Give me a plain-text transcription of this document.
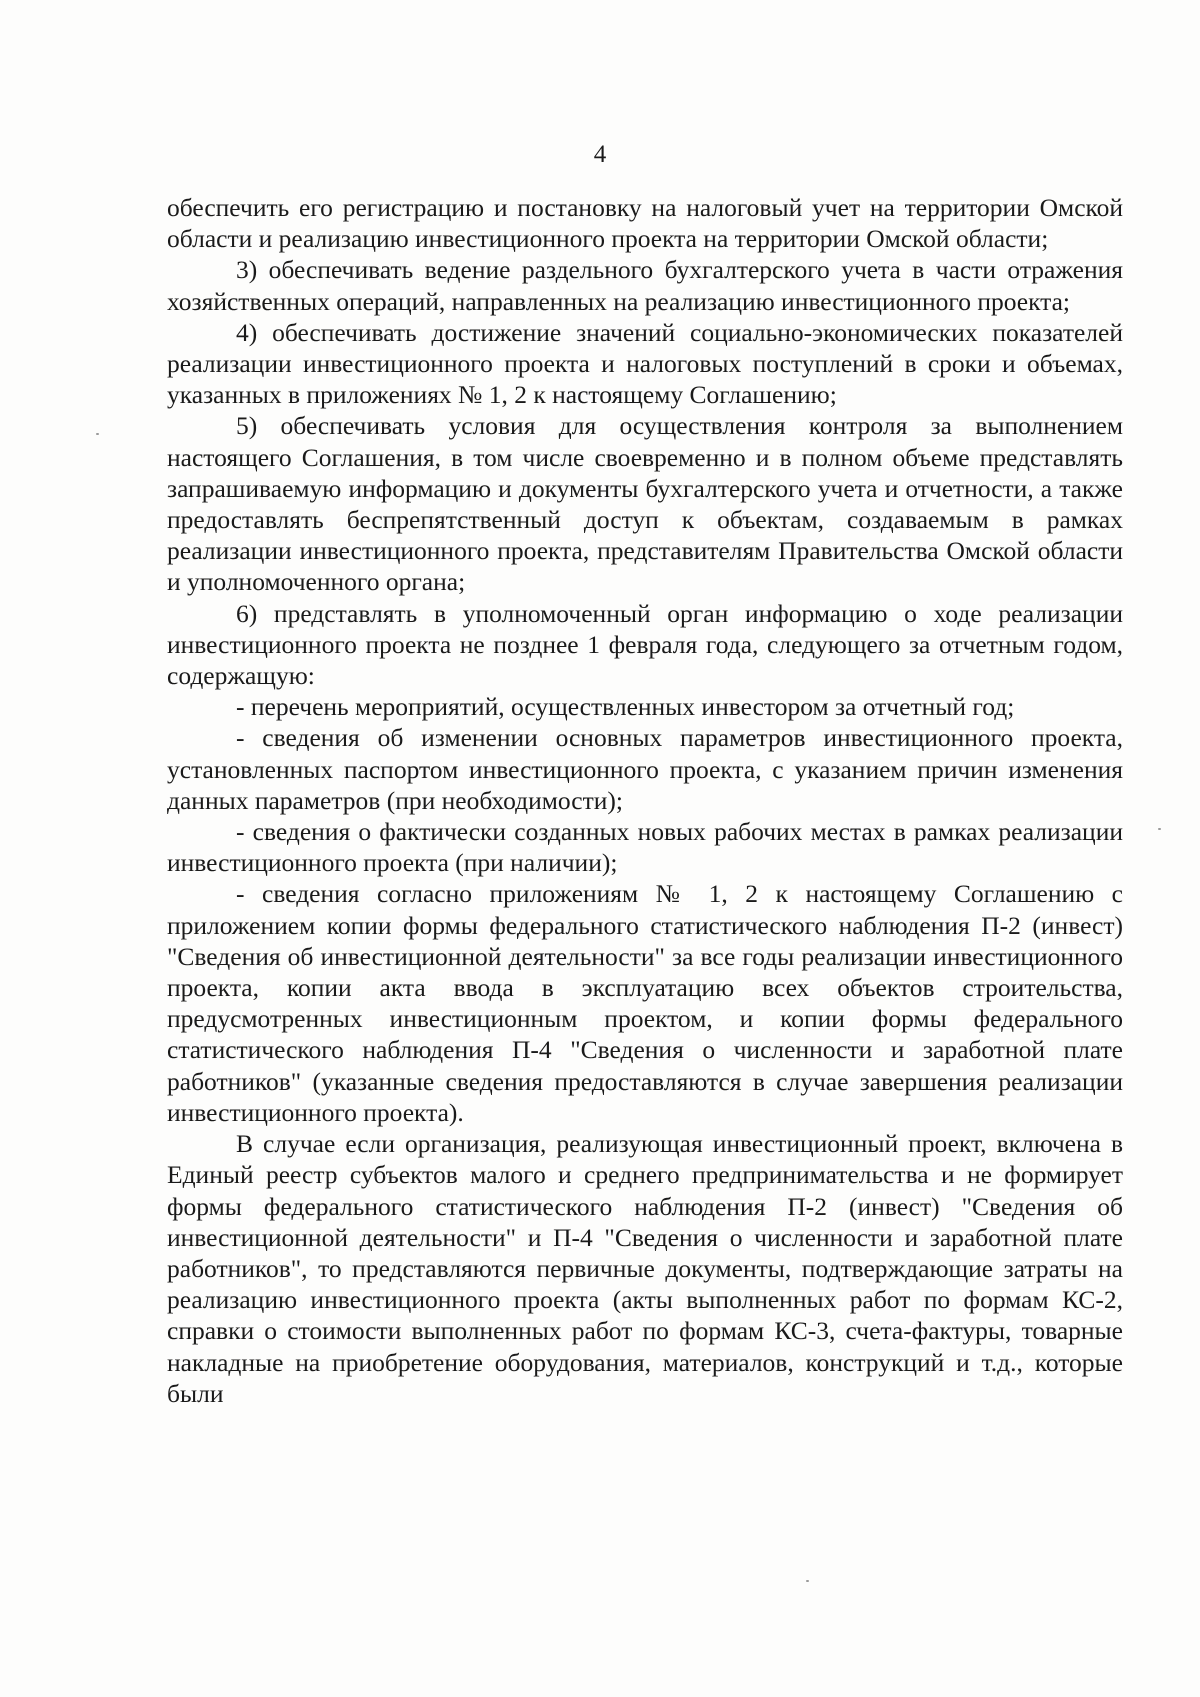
4

обеспечить его регистрацию и постановку на налоговый учет на территории Омской области и реализацию инвестиционного проекта на территории Омской области;

3) обеспечивать ведение раздельного бухгалтерского учета в части отражения хозяйственных операций, направленных на реализацию инвестиционного проекта;

4) обеспечивать достижение значений социально-экономических показателей реализации инвестиционного проекта и налоговых поступлений в сроки и объемах, указанных в приложениях № 1, 2 к настоящему Соглашению;

5) обеспечивать условия для осуществления контроля за выполнением настоящего Соглашения, в том числе своевременно и в полном объеме представлять запрашиваемую информацию и документы бухгалтерского учета и отчетности, а также предоставлять беспрепятственный доступ к объектам, создаваемым в рамках реализации инвестиционного проекта, представителям Правительства Омской области и уполномоченного органа;

6) представлять в уполномоченный орган информацию о ходе реализации инвестиционного проекта не позднее 1 февраля года, следующего за отчетным годом, содержащую:

- перечень мероприятий, осуществленных инвестором за отчетный год;

- сведения об изменении основных параметров инвестиционного проекта, установленных паспортом инвестиционного проекта, с указанием причин изменения данных параметров (при необходимости);

- сведения о фактически созданных новых рабочих местах в рамках реализации инвестиционного проекта (при наличии);

- сведения согласно приложениям № 1, 2 к настоящему Соглашению с приложением копии формы федерального статистического наблюдения П-2 (инвест) "Сведения об инвестиционной деятельности" за все годы реализации инвестиционного проекта, копии акта ввода в эксплуатацию всех объектов строительства, предусмотренных инвестиционным проектом, и копии формы федерального статистического наблюдения П-4 "Сведения о численности и заработной плате работников" (указанные сведения предоставляются в случае завершения реализации инвестиционного проекта).

В случае если организация, реализующая инвестиционный проект, включена в Единый реестр субъектов малого и среднего предпринимательства и не формирует формы федерального статистического наблюдения П-2 (инвест) "Сведения об инвестиционной деятельности" и П-4 "Сведения о численности и заработной плате работников", то представляются первичные документы, подтверждающие затраты на реализацию инвестиционного проекта (акты выполненных работ по формам КС-2, справки о стоимости выполненных работ по формам КС-3, счета-фактуры, товарные накладные на приобретение оборудования, материалов, конструкций и т.д., которые были
